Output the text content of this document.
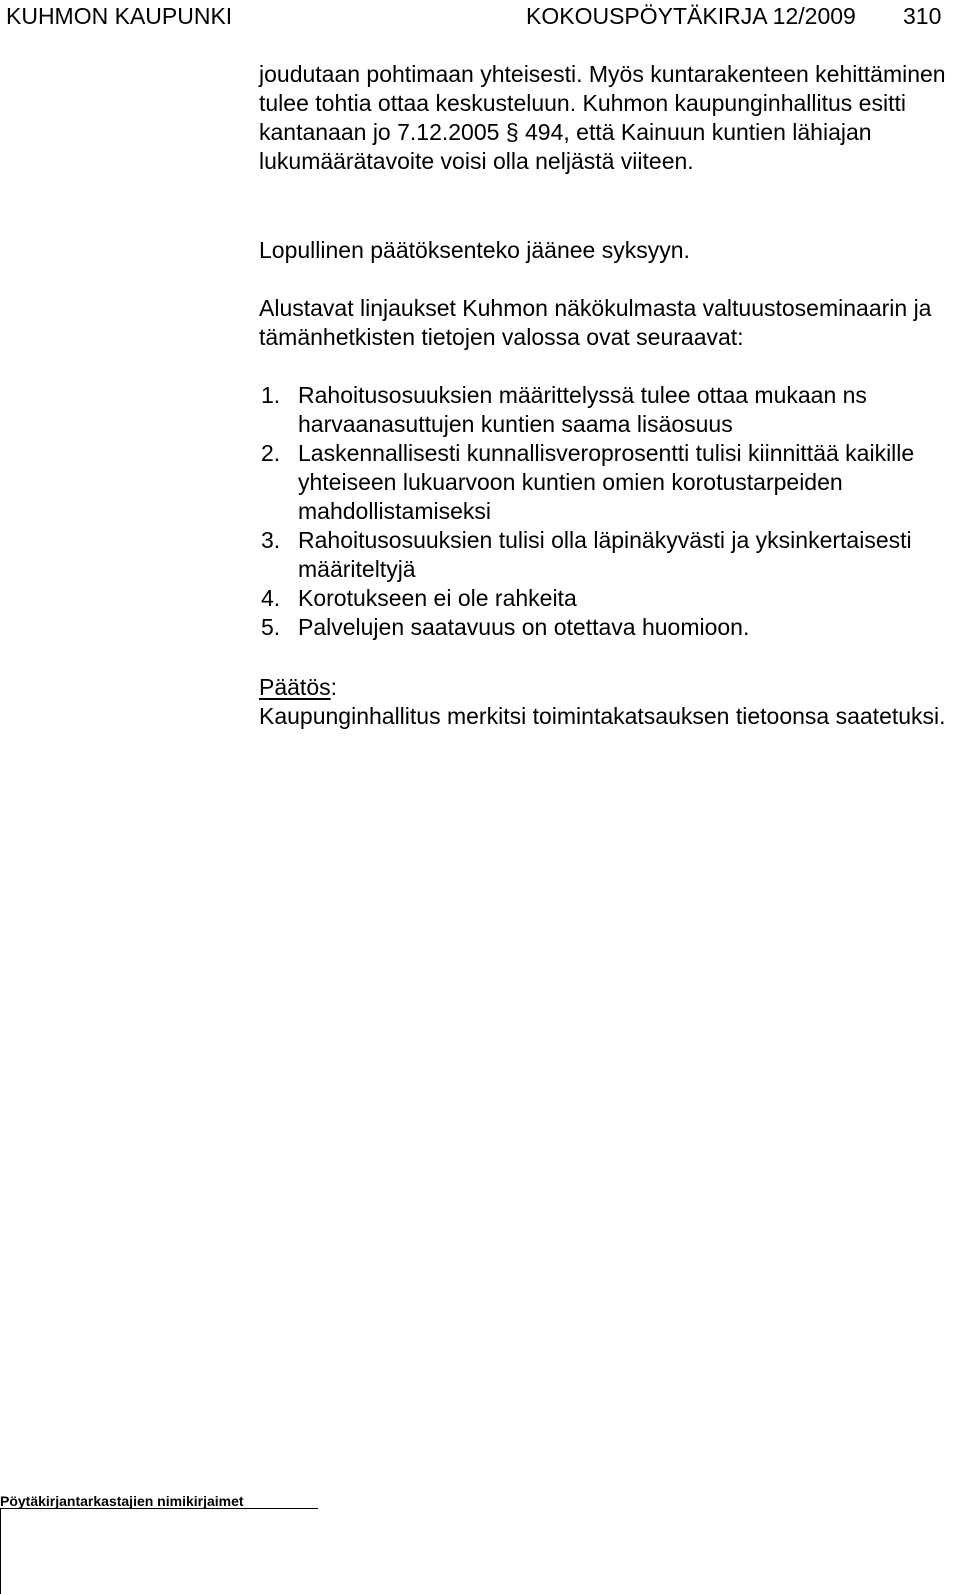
KUHMON KAUPUNKI	KOKOUSPÖYTÄKIRJA 12/2009 310

joudutaan pohtimaan yhteisesti. Myös kuntarakenteen kehittäminen tulee tohtia ottaa keskusteluun. Kuhmon kaupunginhallitus esitti kantanaan jo 7.12.2005 § 494, että Kainuun kuntien lähiajan lukumäärätavoite voisi olla neljästä viiteen.

Lopullinen päätöksenteko jäänee syksyyn.

Alustavat linjaukset Kuhmon näkökulmasta valtuustoseminaarin ja tämänhetkisten tietojen valossa ovat seuraavat:

1. Rahoitusosuuksien määrittelyssä tulee ottaa mukaan ns harvaanasuttujen kuntien saama lisäosuus
2. Laskennallisesti kunnallisveroprosentti tulisi kiinnittää kaikille yhteiseen lukuarvoon kuntien omien korotustarpeiden mahdollistamiseksi
3. Rahoitusosuuksien tulisi olla läpinäkyvästi ja yksinkertaisesti määriteltyjä
4. Korotukseen ei ole rahkeita
5. Palvelujen saatavuus on otettava huomioon.
Päätös:
Kaupunginhallitus merkitsi toimintakatsauksen tietoonsa saatetuksi.
Pöytäkirjantarkastajien nimikirjaimet
